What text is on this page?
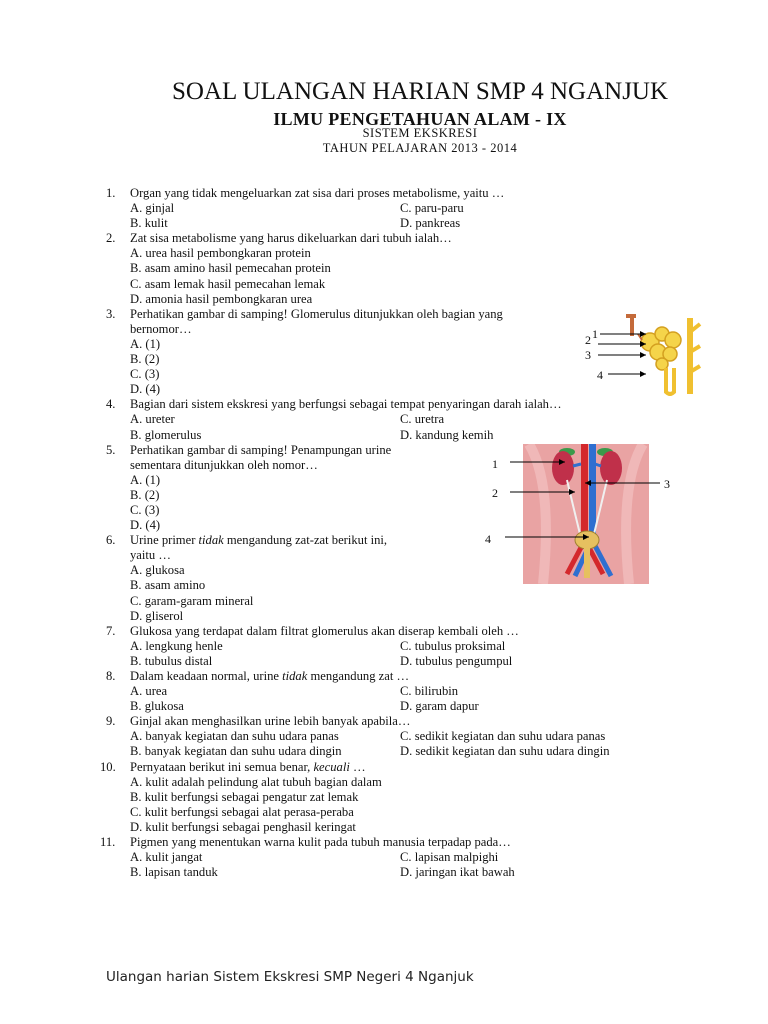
SOAL ULANGAN HARIAN SMP 4 NGANJUK
ILMU PENGETAHUAN ALAM - IX
SISTEM EKSKRESI
TAHUN PELAJARAN 2013 - 2014
1. Organ yang tidak mengeluarkan zat sisa dari proses metabolisme, yaitu …
A. ginjal	C. paru-paru
B. kulit	D. pankreas
2. Zat sisa metabolisme yang harus dikeluarkan dari tubuh ialah…
A. urea hasil pembongkaran protein
B. asam amino hasil pemecahan protein
C. asam lemak hasil pemecahan lemak
D. amonia hasil pembongkaran urea
3. Perhatikan gambar di samping! Glomerulus ditunjukkan oleh bagian yang
bernomor…
A. (1)
B. (2)
C. (3)
D. (4)
4. Bagian dari sistem ekskresi yang berfungsi sebagai tempat penyaringan darah ialah…
A. ureter	C. uretra
B. glomerulus	D. kandung kemih
5. Perhatikan gambar di samping! Penampungan urine
sementara ditunjukkan oleh nomor…
A. (1)
B. (2)
C. (3)
D. (4)
6. Urine primer tidak mengandung zat-zat berikut ini,
yaitu …
A. glukosa
B. asam amino
C. garam-garam mineral
D. gliserol
7. Glukosa yang terdapat dalam filtrat glomerulus akan diserap kembali oleh …
A. lengkung henle	C. tubulus proksimal
B. tubulus distal	D. tubulus pengumpul
8. Dalam keadaan normal, urine tidak mengandung zat …
A. urea	C. bilirubin
B. glukosa	D. garam dapur
9. Ginjal akan menghasilkan urine lebih banyak apabila…
A. banyak kegiatan dan suhu udara panas	C. sedikit kegiatan dan suhu udara panas
B. banyak kegiatan dan suhu udara dingin	D. sedikit kegiatan dan suhu udara dingin
10. Pernyataan berikut ini semua benar, kecuali …
A. kulit adalah pelindung alat tubuh bagian dalam
B. kulit berfungsi sebagai pengatur zat lemak
C. kulit berfungsi sebagai alat perasa-peraba
D. kulit berfungsi sebagai penghasil keringat
11. Pigmen yang menentukan warna kulit pada tubuh manusia terpadap pada…
A. kulit jangat	C. lapisan malpighi
B. lapisan tanduk	D. jaringan ikat bawah
1
2
3
4
1
2
3
4
Ulangan harian Sistem Ekskresi SMP Negeri 4 Nganjuk
